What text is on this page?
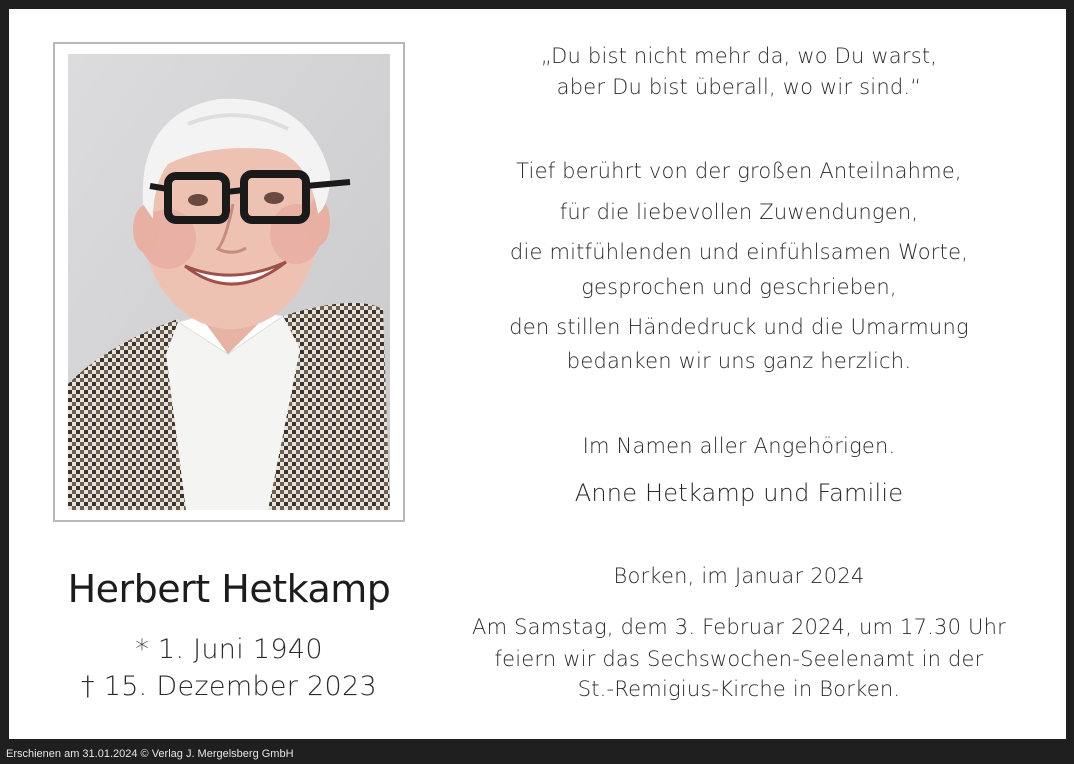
Herbert Hetkamp
* 1. Juni 1940
† 15. Dezember 2023
„Du bist nicht mehr da, wo Du warst,
aber Du bist überall, wo wir sind.“
Tief berührt von der großen Anteilnahme,
für die liebevollen Zuwendungen,
die mitfühlenden und einfühlsamen Worte,
gesprochen und geschrieben,
den stillen Händedruck und die Umarmung
bedanken wir uns ganz herzlich.
Im Namen aller Angehörigen.
Anne Hetkamp und Familie
Borken, im Januar 2024
Am Samstag, dem 3. Februar 2024, um 17.30 Uhr
feiern wir das Sechswochen-Seelenamt in der
St.-Remigius-Kirche in Borken.
Erschienen am 31.01.2024 © Verlag J. Mergelsberg GmbH
